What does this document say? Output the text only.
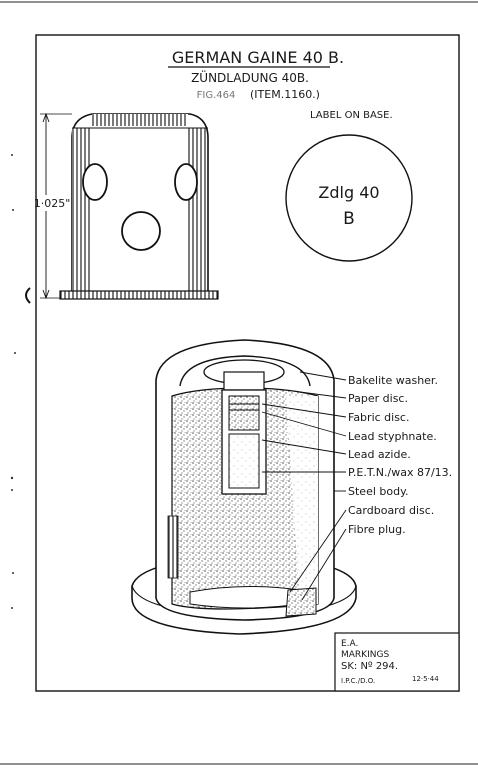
GERMAN GAINE 40 B.
ZÜNDLADUNG 40B.
FIG.464 (ITEM.1160.)
1·025"
LABEL ON BASE.
Zdlg 40
B
Bakelite washer.
Paper disc.
Fabric disc.
Lead styphnate.
Lead azide.
P.E.T.N./wax 87/13.
Steel body.
Cardboard disc.
Fibre plug.
E.A.
MARKINGS
SK: Nº 294.
I.P.C./D.O.	12·5·44
